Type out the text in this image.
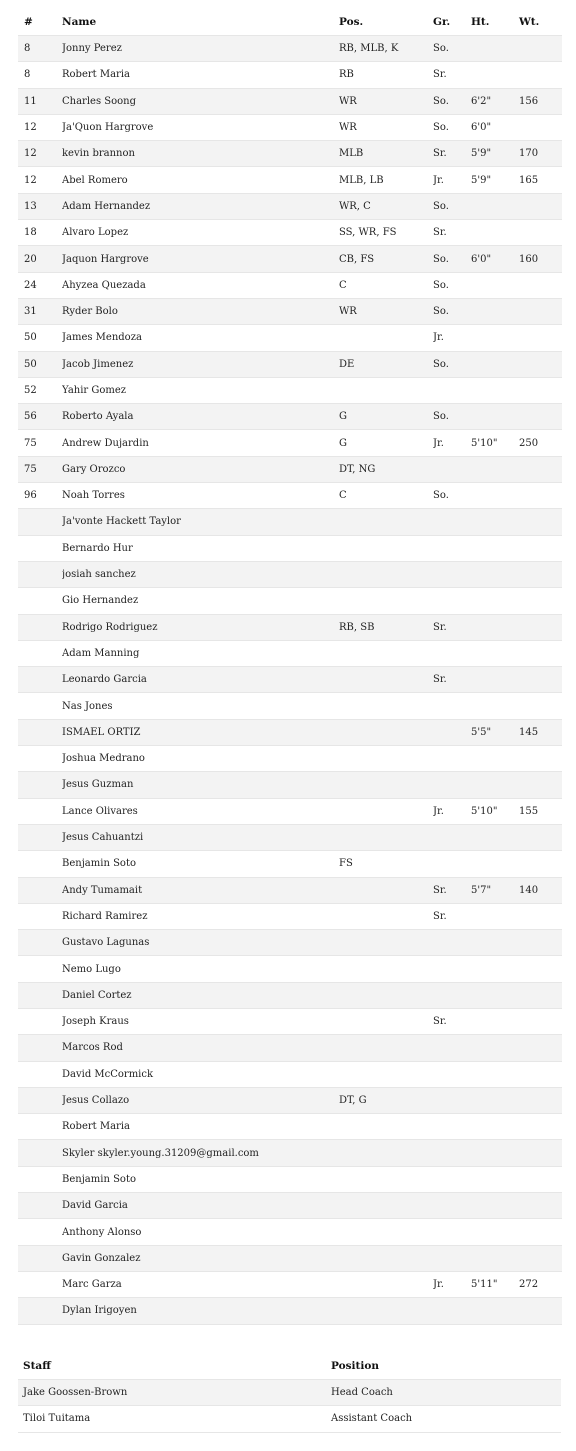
#	Name	Pos.	Gr.	Ht.	Wt.
8	Jonny Perez	RB, MLB, K	So.		
8	Robert Maria	RB	Sr.		
11	Charles Soong	WR	So.	6'2"	156
12	Ja'Quon Hargrove	WR	So.	6'0"	
12	kevin brannon	MLB	Sr.	5'9"	170
12	Abel Romero	MLB, LB	Jr.	5'9"	165
13	Adam Hernandez	WR, C	So.		
18	Alvaro Lopez	SS, WR, FS	Sr.		
20	Jaquon Hargrove	CB, FS	So.	6'0"	160
24	Ahyzea Quezada	C	So.		
31	Ryder Bolo	WR	So.		
50	James Mendoza		Jr.		
50	Jacob Jimenez	DE	So.		
52	Yahir Gomez				
56	Roberto Ayala	G	So.		
75	Andrew Dujardin	G	Jr.	5'10"	250
75	Gary Orozco	DT, NG			
96	Noah Torres	C	So.		
	Ja'vonte Hackett Taylor				
	Bernardo Hur				
	josiah sanchez				
	Gio Hernandez				
	Rodrigo Rodriguez	RB, SB	Sr.		
	Adam Manning				
	Leonardo Garcia		Sr.		
	Nas Jones				
	ISMAEL ORTIZ			5'5"	145
	Joshua Medrano				
	Jesus Guzman				
	Lance Olivares		Jr.	5'10"	155
	Jesus Cahuantzi				
	Benjamin Soto	FS			
	Andy Tumamait		Sr.	5'7"	140
	Richard Ramirez		Sr.		
	Gustavo Lagunas				
	Nemo Lugo				
	Daniel Cortez				
	Joseph Kraus		Sr.		
	Marcos Rod				
	David McCormick				
	Jesus Collazo	DT, G			
	Robert Maria				
	Skyler skyler.young.31209@gmail.com				
	Benjamin Soto				
	David Garcia				
	Anthony Alonso				
	Gavin Gonzalez				
	Marc Garza		Jr.	5'11"	272
	Dylan Irigoyen				
Staff	Position
Jake Goossen-Brown	Head Coach
Tiloi Tuitama	Assistant Coach
